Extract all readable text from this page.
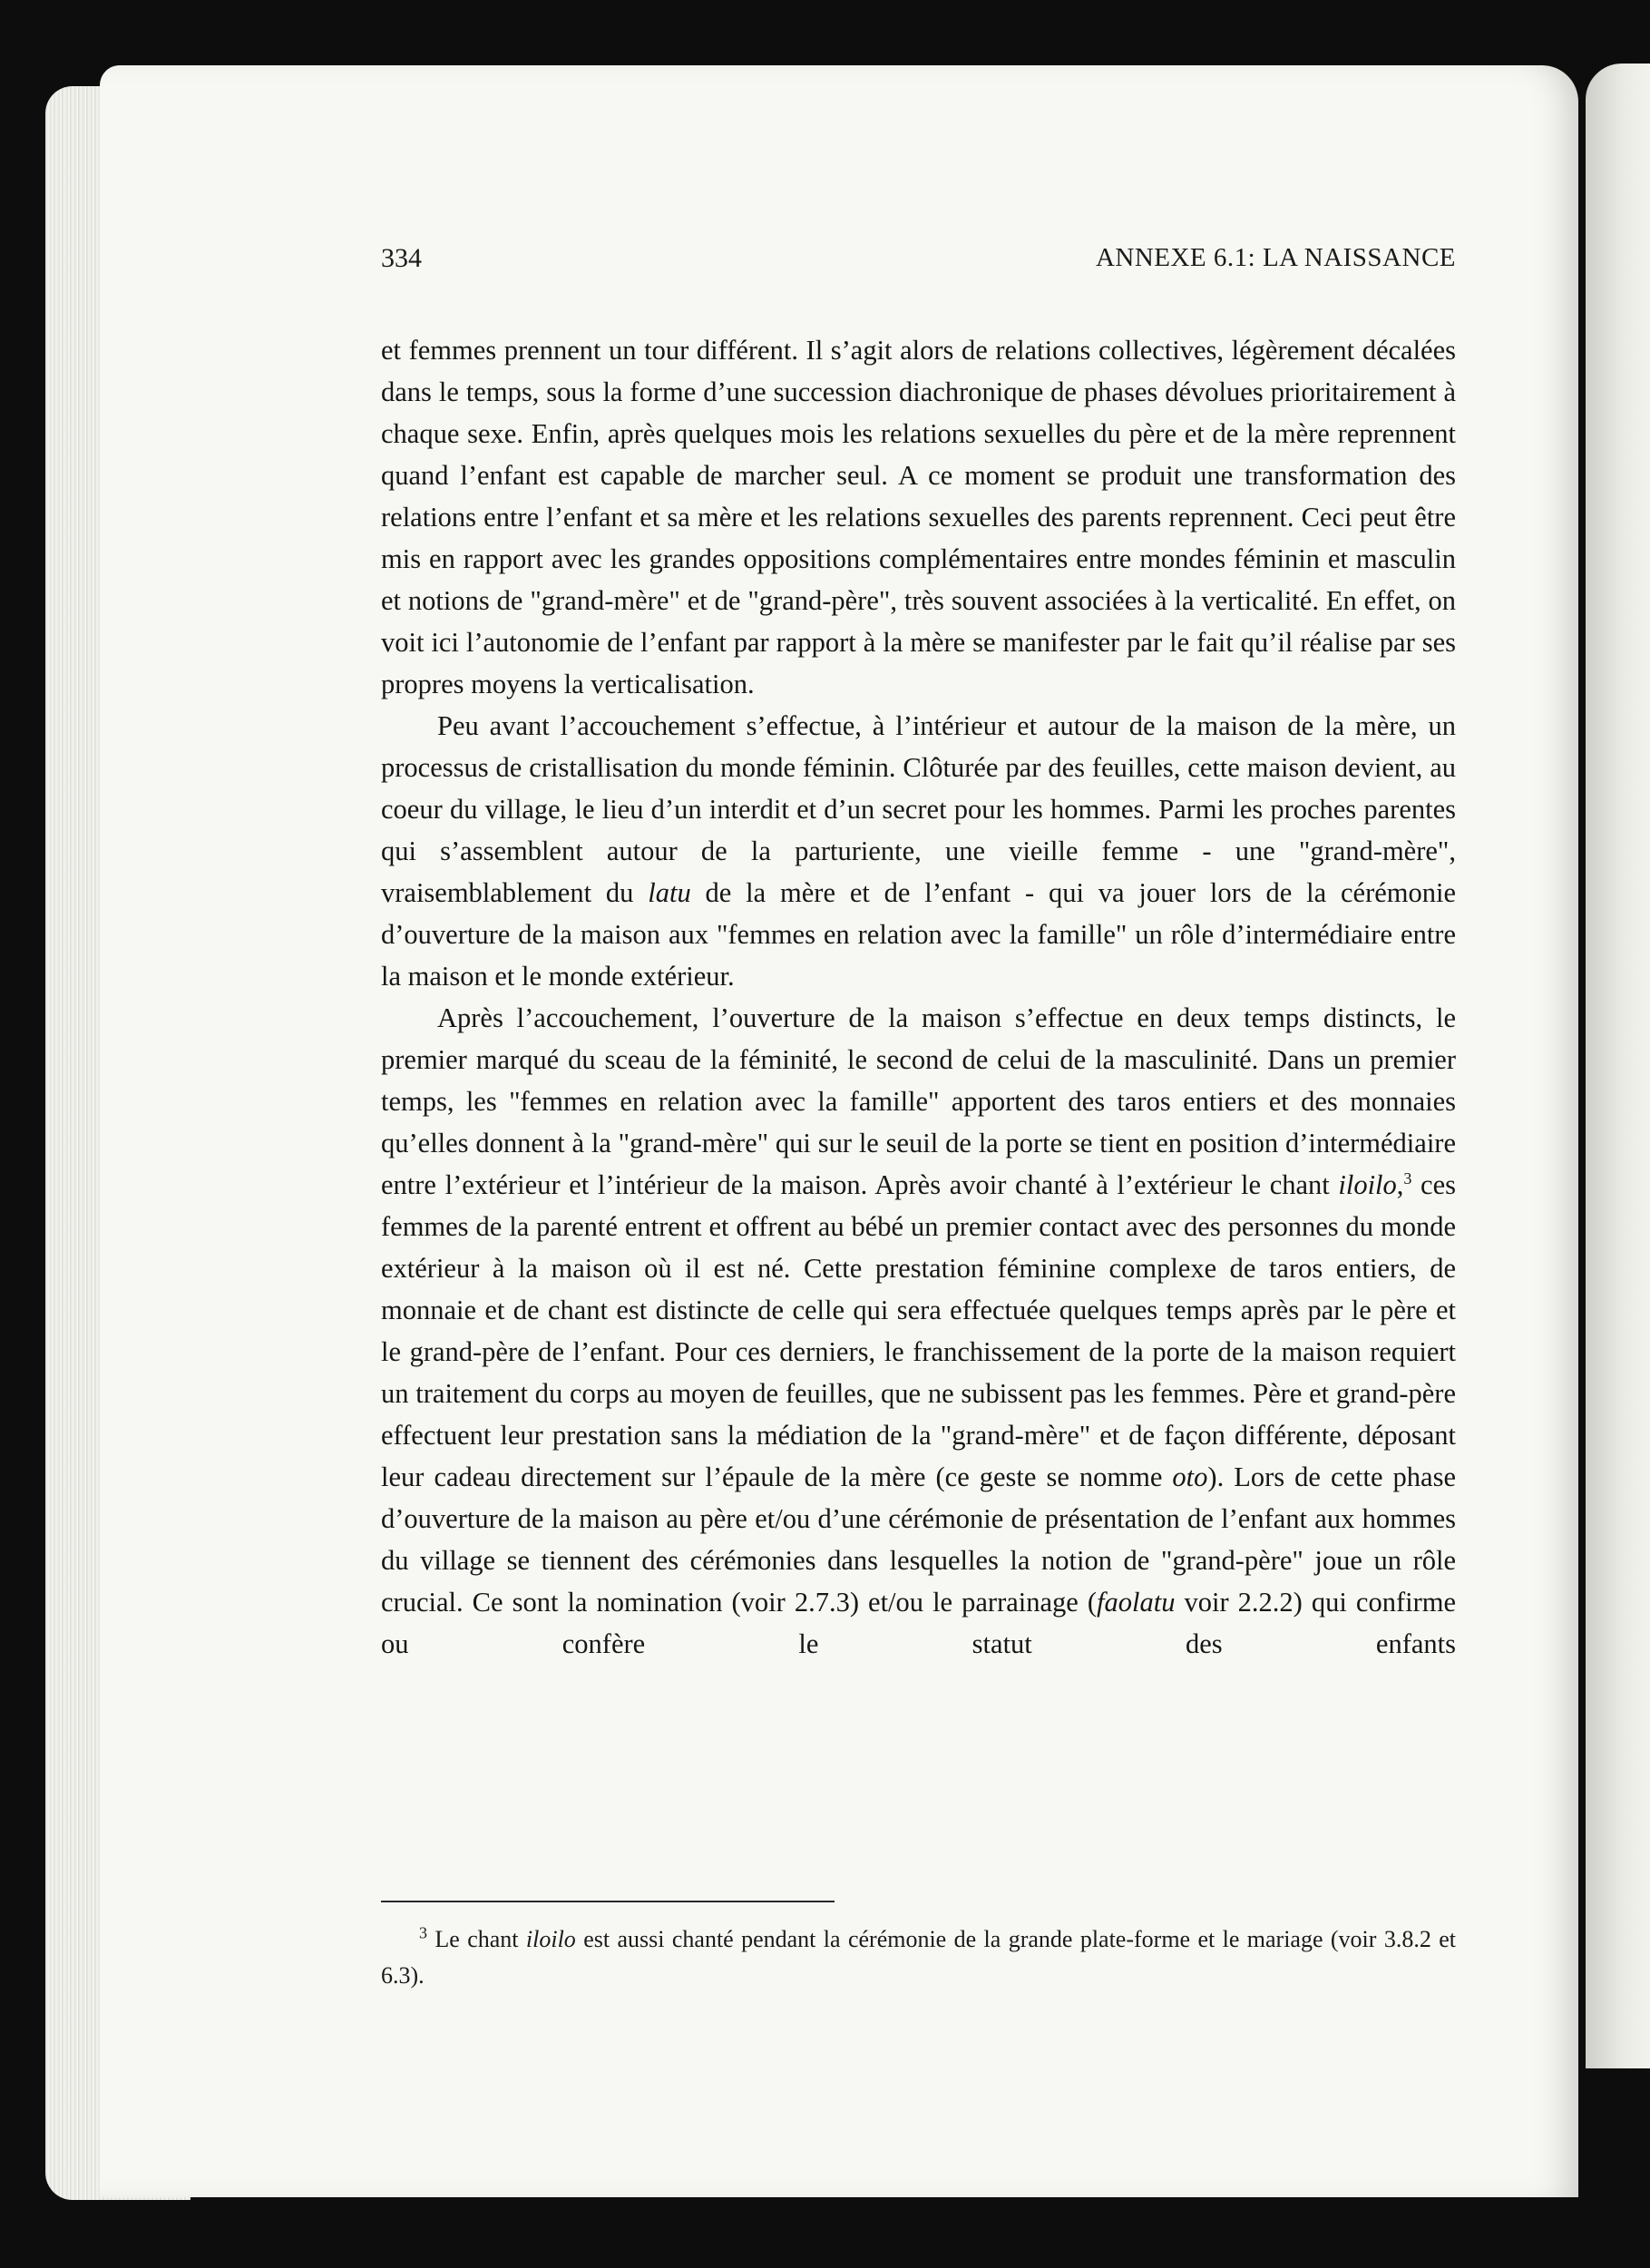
334	ANNEXE 6.1: LA NAISSANCE

et femmes prennent un tour différent. Il s’agit alors de relations collectives, légèrement décalées dans le temps, sous la forme d’une succession diachronique de phases dévolues prioritairement à chaque sexe. Enfin, après quelques mois les relations sexuelles du père et de la mère reprennent quand l’enfant est capable de marcher seul. A ce moment se produit une transformation des relations entre l’enfant et sa mère et les relations sexuelles des parents reprennent. Ceci peut être mis en rapport avec les grandes oppositions complémentaires entre mondes féminin et masculin et notions de "grand-mère" et de "grand-père", très souvent associées à la verticalité. En effet, on voit ici l’autonomie de l’enfant par rapport à la mère se manifester par le fait qu’il réalise par ses propres moyens la verticalisation.

Peu avant l’accouchement s’effectue, à l’intérieur et autour de la maison de la mère, un processus de cristallisation du monde féminin. Clôturée par des feuilles, cette maison devient, au coeur du village, le lieu d’un interdit et d’un secret pour les hommes. Parmi les proches parentes qui s’assemblent autour de la parturiente, une vieille femme - une "grand-mère", vraisemblablement du latu de la mère et de l’enfant - qui va jouer lors de la cérémonie d’ouverture de la maison aux "femmes en relation avec la famille" un rôle d’intermédiaire entre la maison et le monde extérieur.

Après l’accouchement, l’ouverture de la maison s’effectue en deux temps distincts, le premier marqué du sceau de la féminité, le second de celui de la masculinité. Dans un premier temps, les "femmes en relation avec la famille" apportent des taros entiers et des monnaies qu’elles donnent à la "grand-mère" qui sur le seuil de la porte se tient en position d’intermédiaire entre l’extérieur et l’intérieur de la maison. Après avoir chanté à l’extérieur le chant iloilo,$^3$ ces femmes de la parenté entrent et offrent au bébé un premier contact avec des personnes du monde extérieur à la maison où il est né. Cette prestation féminine complexe de taros entiers, de monnaie et de chant est distincte de celle qui sera effectuée quelques temps après par le père et le grand-père de l’enfant. Pour ces derniers, le franchissement de la porte de la maison requiert un traitement du corps au moyen de feuilles, que ne subissent pas les femmes. Père et grand-père effectuent leur prestation sans la médiation de la "grand-mère" et de façon différente, déposant leur cadeau directement sur l’épaule de la mère (ce geste se nomme oto). Lors de cette phase d’ouverture de la maison au père et/ou d’une cérémonie de présentation de l’enfant aux hommes du village se tiennent des cérémonies dans lesquelles la notion de "grand-père" joue un rôle crucial. Ce sont la nomination (voir 2.7.3) et/ou le parrainage (faolatu voir 2.2.2) qui confirme ou confère le statut des enfants

$^3$ Le chant iloilo est aussi chanté pendant la cérémonie de la grande plate-forme et le mariage (voir 3.8.2 et 6.3).
